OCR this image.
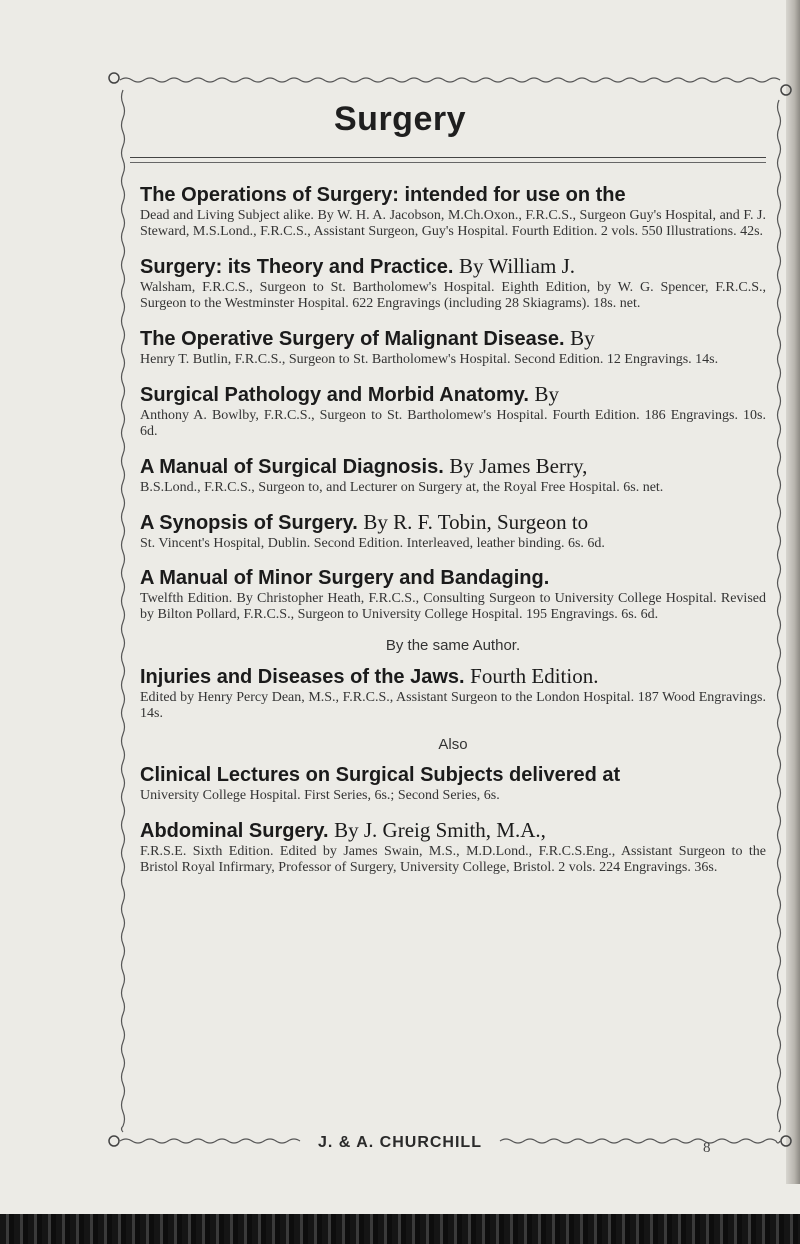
Surgery
The Operations of Surgery: intended for use on the
Dead and Living Subject alike. By W. H. A. Jacobson, M.Ch.Oxon., F.R.C.S., Surgeon Guy's Hospital, and F. J. Steward, M.S.Lond., F.R.C.S., Assistant Surgeon, Guy's Hospital. Fourth Edition. 2 vols. 550 Illustrations. 42s.
Surgery: its Theory and Practice. By William J.
Walsham, F.R.C.S., Surgeon to St. Bartholomew's Hospital. Eighth Edition, by W. G. Spencer, F.R.C.S., Surgeon to the Westminster Hospital. 622 Engravings (including 28 Skiagrams). 18s. net.
The Operative Surgery of Malignant Disease. By
Henry T. Butlin, F.R.C.S., Surgeon to St. Bartholomew's Hospital. Second Edition. 12 Engravings. 14s.
Surgical Pathology and Morbid Anatomy. By
Anthony A. Bowlby, F.R.C.S., Surgeon to St. Bartholomew's Hospital. Fourth Edition. 186 Engravings. 10s. 6d.
A Manual of Surgical Diagnosis. By James Berry,
B.S.Lond., F.R.C.S., Surgeon to, and Lecturer on Surgery at, the Royal Free Hospital. 6s. net.
A Synopsis of Surgery. By R. F. Tobin, Surgeon to
St. Vincent's Hospital, Dublin. Second Edition. Interleaved, leather binding. 6s. 6d.
A Manual of Minor Surgery and Bandaging.
Twelfth Edition. By Christopher Heath, F.R.C.S., Consulting Surgeon to University College Hospital. Revised by Bilton Pollard, F.R.C.S., Surgeon to University College Hospital. 195 Engravings. 6s. 6d.
By the same Author.
Injuries and Diseases of the Jaws. Fourth Edition.
Edited by Henry Percy Dean, M.S., F.R.C.S., Assistant Surgeon to the London Hospital. 187 Wood Engravings. 14s.
Also
Clinical Lectures on Surgical Subjects delivered at
University College Hospital. First Series, 6s.; Second Series, 6s.
Abdominal Surgery. By J. Greig Smith, M.A.,
F.R.S.E. Sixth Edition. Edited by James Swain, M.S., M.D.Lond., F.R.C.S.Eng., Assistant Surgeon to the Bristol Royal Infirmary, Professor of Surgery, University College, Bristol. 2 vols. 224 Engravings. 36s.
J. & A. CHURCHILL	8
